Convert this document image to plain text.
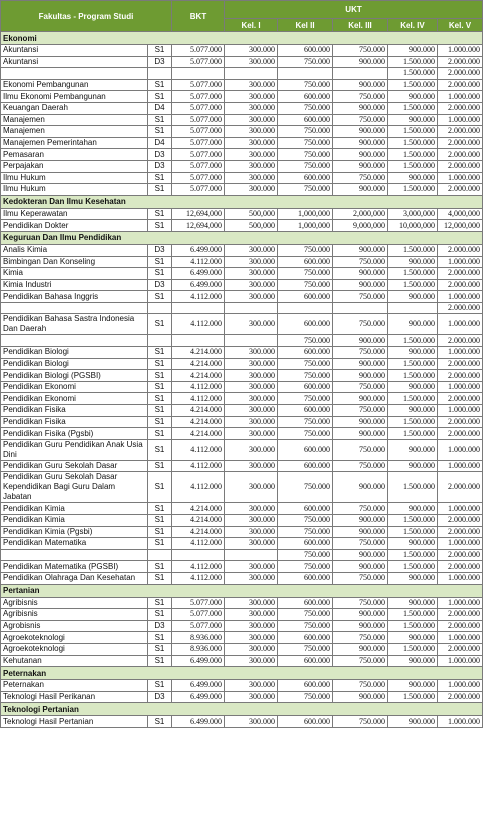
Fakultas - Program Studi		BKT	UKT				
			Kel. I	Kel II	Kel. III	Kel. IV	Kel. V
Ekonomi							
Akuntansi	S1	5.077.000	300.000	600.000	750.000	900.000	1.000.000
Akuntansi	D3	5.077.000	300.000	750.000	900.000	1.500.000	2.000.000
						1.500.000	2.000.000
Ekonomi Pembangunan	S1	5.077.000	300.000	750.000	900.000	1.500.000	2.000.000
Ilmu Ekonomi Pembangunan	S1	5.077.000	300.000	600.000	750.000	900.000	1.000.000
Keuangan Daerah	D4	5.077.000	300.000	750.000	900.000	1.500.000	2.000.000
Manajemen	S1	5.077.000	300.000	600.000	750.000	900.000	1.000.000
Manajemen	S1	5.077.000	300.000	750.000	900.000	1.500.000	2.000.000
Manajemen Pemerintahan	D4	5.077.000	300.000	750.000	900.000	1.500.000	2.000.000
Pemasaran	D3	5.077.000	300.000	750.000	900.000	1.500.000	2.000.000
Perpajakan	D3	5.077.000	300.000	750.000	900.000	1.500.000	2.000.000
Ilmu Hukum	S1	5.077.000	300.000	600.000	750.000	900.000	1.000.000
Ilmu Hukum	S1	5.077.000	300.000	750.000	900.000	1.500.000	2.000.000
Kedokteran Dan Ilmu Kesehatan							
Ilmu Keperawatan	S1	12,694,000	500,000	1,000,000	2,000,000	3,000,000	4,000,000
Pendidikan Dokter	S1	12,694,000	500,000	1,000,000	9,000,000	10,000,000	12,000,000
Keguruan Dan Ilmu Pendidikan							
Analis Kimia	D3	6.499.000	300.000	750.000	900.000	1.500.000	2.000.000
Bimbingan Dan Konseling	S1	4.112.000	300.000	600.000	750.000	900.000	1.000.000
Kimia	S1	6.499.000	300.000	750.000	900.000	1.500.000	2.000.000
Kimia Industri	D3	6.499.000	300.000	750.000	900.000	1.500.000	2.000.000
Pendidikan Bahasa Inggris	S1	4.112.000	300.000	600.000	750.000	900.000	1.000.000
							2.000.000
Pendidikan Bahasa Sastra Indonesia Dan Daerah	S1	4.112.000	300.000	600.000	750.000	900.000	1.000.000
				750.000	900.000	1.500.000	2.000.000
Pendidikan Biologi	S1	4.214.000	300.000	600.000	750.000	900.000	1.000.000
Pendidikan Biologi	S1	4.214.000	300.000	750.000	900.000	1.500.000	2.000.000
Pendidikan Biologi (PGSBI)	S1	4.214.000	300.000	750.000	900.000	1.500.000	2.000.000
Pendidikan Ekonomi	S1	4.112.000	300.000	600.000	750.000	900.000	1.000.000
Pendidikan Ekonomi	S1	4.112.000	300.000	750.000	900.000	1.500.000	2.000.000
Pendidikan Fisika	S1	4.214.000	300.000	600.000	750.000	900.000	1.000.000
Pendidikan Fisika	S1	4.214.000	300.000	750.000	900.000	1.500.000	2.000.000
Pendidikan Fisika (Pgsbi)	S1	4.214.000	300.000	750.000	900.000	1.500.000	2.000.000
Pendidikan Guru Pendidikan Anak Usia Dini	S1	4.112.000	300.000	600.000	750.000	900.000	1.000.000
Pendidikan Guru Sekolah Dasar	S1	4.112.000	300.000	600.000	750.000	900.000	1.000.000
Pendidikan Guru Sekolah Dasar Kependidikan Bagi Guru Dalam Jabatan	S1	4.112.000	300.000	750.000	900.000	1.500.000	2.000.000
Pendidikan Kimia	S1	4.214.000	300.000	600.000	750.000	900.000	1.000.000
Pendidikan Kimia	S1	4.214.000	300.000	750.000	900.000	1.500.000	2.000.000
Pendidikan Kimia (Pgsbi)	S1	4.214.000	300.000	750.000	900.000	1.500.000	2.000.000
Pendidikan Matematika	S1	4.112.000	300.000	600.000	750.000	900.000	1.000.000
				750.000	900.000	1.500.000	2.000.000
Pendidikan Matematika (PGSBI)	S1	4.112.000	300.000	750.000	900.000	1.500.000	2.000.000
Pendidikan Olahraga Dan Kesehatan	S1	4.112.000	300.000	600.000	750.000	900.000	1.000.000
Pertanian							
Agribisnis	S1	5.077.000	300.000	600.000	750.000	900.000	1.000.000
Agribisnis	S1	5.077.000	300.000	750.000	900.000	1.500.000	2.000.000
Agrobisnis	D3	5.077.000	300.000	750.000	900.000	1.500.000	2.000.000
Agroekoteknologi	S1	8.936.000	300.000	600.000	750.000	900.000	1.000.000
Agroekoteknologi	S1	8.936.000	300.000	750.000	900.000	1.500.000	2.000.000
Kehutanan	S1	6.499.000	300.000	600.000	750.000	900.000	1.000.000
Peternakan							
Peternakan	S1	6.499.000	300.000	600.000	750.000	900.000	1.000.000
Teknologi Hasil Perikanan	D3	6.499.000	300.000	750.000	900.000	1.500.000	2.000.000
Teknologi Pertanian							
Teknologi Hasil Pertanian	S1	6.499.000	300.000	600.000	750.000	900.000	1.000.000
